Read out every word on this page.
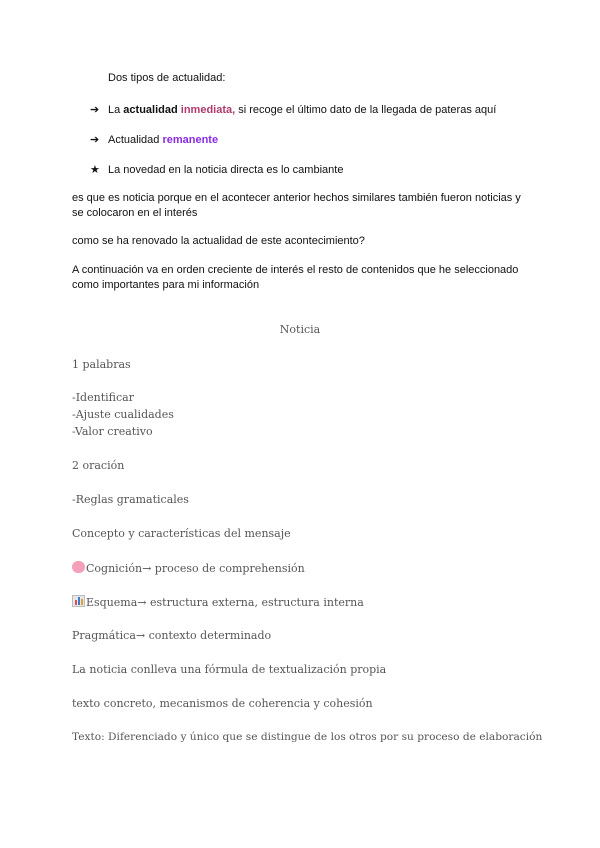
Dos tipos de actualidad:
➔ La actualidad inmediata, si recoge el último dato de la llegada de pateras aquí
➔ Actualidad remanente
★ La novedad en la noticia directa es lo cambiante
es que es noticia porque en el acontecer anterior hechos similares también fueron noticias y
se colocaron en el interés
como se ha renovado la actualidad de este acontecimiento?
A continuación va en orden creciente de interés el resto de contenidos que he seleccionado
como importantes para mi información
Noticia
1 palabras
-Identificar
-Ajuste cualidades
-Valor creativo
2 oración
-Reglas gramaticales
Concepto y características del mensaje
Cognición→ proceso de comprehensión
Esquema→ estructura externa, estructura interna
Pragmática→ contexto determinado
La noticia conlleva una fórmula de textualización propia
texto concreto, mecanismos de coherencia y cohesión
Texto: Diferenciado y único que se distingue de los otros por su proceso de elaboración
